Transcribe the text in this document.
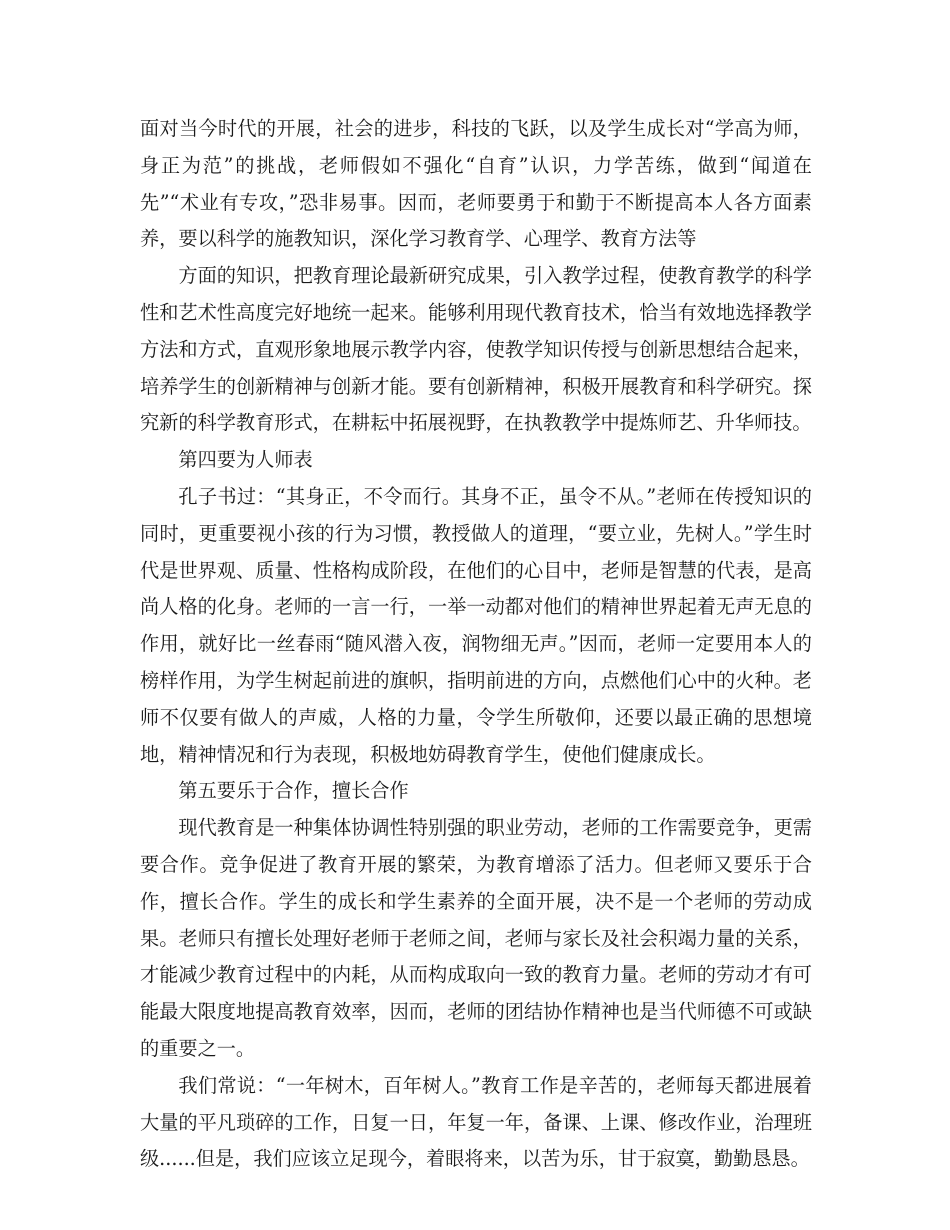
面对当今时代的开展，社会的进步，科技的飞跃，以及学生成长对“学高为师，身正为范”的挑战，老师假如不强化“自育”认识，力学苦练，做到“闻道在先”“术业有专攻，”恐非易事。因而，老师要勇于和勤于不断提高本人各方面素养，要以科学的施教知识，深化学习教育学、心理学、教育方法等

方面的知识，把教育理论最新研究成果，引入教学过程，使教育教学的科学性和艺术性高度完好地统一起来。能够利用现代教育技术，恰当有效地选择教学方法和方式，直观形象地展示教学内容，使教学知识传授与创新思想结合起来，培养学生的创新精神与创新才能。要有创新精神，积极开展教育和科学研究。探究新的科学教育形式，在耕耘中拓展视野，在执教教学中提炼师艺、升华师技。

第四要为人师表

孔子书过：“其身正，不令而行。其身不正，虽令不从。”老师在传授知识的同时，更重要视小孩的行为习惯，教授做人的道理，“要立业，先树人。”学生时代是世界观、质量、性格构成阶段，在他们的心目中，老师是智慧的代表，是高尚人格的化身。老师的一言一行，一举一动都对他们的精神世界起着无声无息的作用，就好比一丝春雨“随风潜入夜，润物细无声。”因而，老师一定要用本人的榜样作用，为学生树起前进的旗帜，指明前进的方向，点燃他们心中的火种。老师不仅要有做人的声威，人格的力量，令学生所敬仰，还要以最正确的思想境地，精神情况和行为表现，积极地妨碍教育学生，使他们健康成长。

第五要乐于合作，擅长合作

现代教育是一种集体协调性特别强的职业劳动，老师的工作需要竞争，更需要合作。竞争促进了教育开展的繁荣，为教育增添了活力。但老师又要乐于合作，擅长合作。学生的成长和学生素养的全面开展，决不是一个老师的劳动成果。老师只有擅长处理好老师于老师之间，老师与家长及社会积竭力量的关系，才能减少教育过程中的内耗，从而构成取向一致的教育力量。老师的劳动才有可能最大限度地提高教育效率，因而，老师的团结协作精神也是当代师德不可或缺的重要之一。

我们常说：“一年树木，百年树人。”教育工作是辛苦的，老师每天都进展着大量的平凡琐碎的工作，日复一日，年复一年，备课、上课、修改作业，治理班级......但是，我们应该立足现今，着眼将来，以苦为乐，甘于寂寞，勤勤恳恳。
